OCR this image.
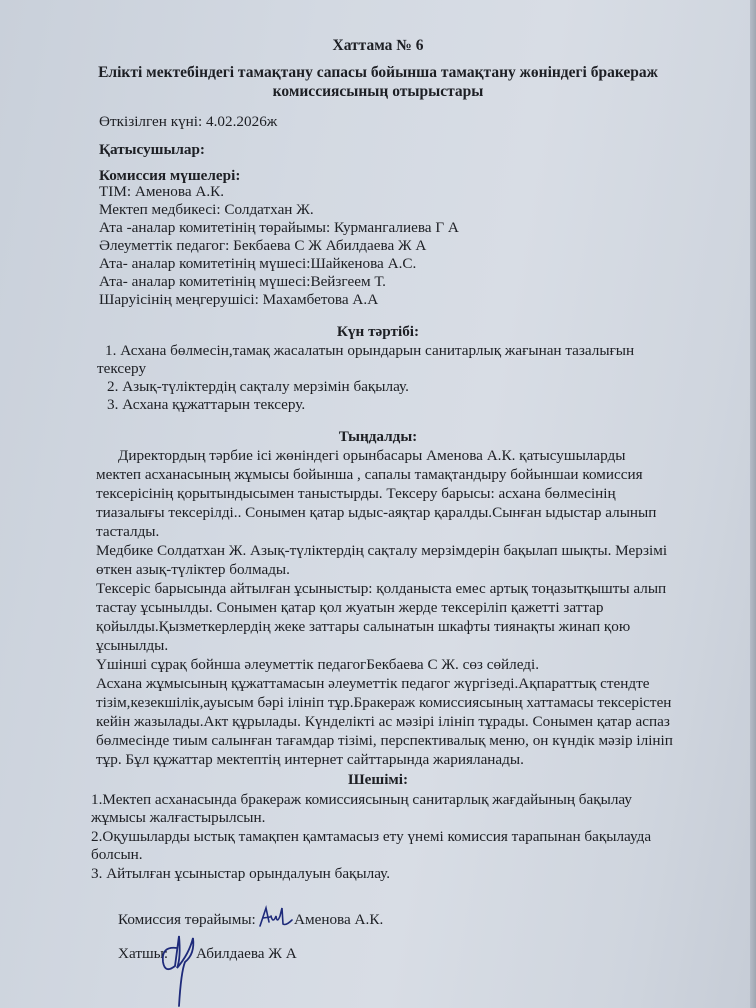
Хаттама № 6
Елікті мектебіндегі тамақтану сапасы бойынша тамақтану жөніндегі бракераж
комиссиясының отырыстары
Өткізілген күні: 4.02.2026ж
Қатысушылар:
Комиссия мүшелері:
ТІМ: Аменова А.К.
Мектеп медбикесі: Солдатхан Ж.
Ата -аналар комитетінің төрайымы: Курмангалиева Г А
Әлеуметтік педагог: Бекбаева С Ж Абилдаева Ж А
Ата- аналар комитетінің мүшесі:Шайкенова А.С.
Ата- аналар комитетінің мүшесі:Вейзгеем Т.
Шаруісінің меңгерушісі: Махамбетова А.А
Күн тәртібі:
1. Асхана бөлмесін,тамақ жасалатын орындарын санитарлық жағынан тазалығын
тексеру
2. Азық-түліктердің сақталу мерзімін бақылау.
3. Асхана құжаттарын тексеру.
Тыңдалды:
Директордың тәрбие ісі жөніндегі орынбасары Аменова А.К. қатысушыларды
мектеп асханасының жұмысы бойынша , сапалы тамақтандыру бойыншаи комиссия
тексерісінің қорытындысымен таныстырды. Тексеру барысы: асхана бөлмесінің
тиазалығы тексерілді.. Сонымен қатар ыдыс-аяқтар қаралды.Сынған ыдыстар алынып
тасталды.
Медбике Солдатхан Ж. Азық-түліктердің сақталу мерзімдерін бақылап шықты. Мерзімі
өткен азық-түліктер болмады.
Тексеріс барысында айтылған ұсыныстыр: қолданыста емес артық тоңазытқышты алып
тастау ұсынылды. Сонымен қатар қол жуатын жерде тексеріліп қажетті заттар
қойылды.Қызметкерлердің жеке заттары салынатын шкафты тиянақты жинап қою
ұсынылды.
Үшінші сұрақ бойнша әлеуметтік педагогБекбаева С Ж. сөз сөйледі.
Асхана жұмысының құжаттамасын әлеуметтік педагог жүргізеді.Ақпараттық стендте
тізім,кезекшілік,ауысым бәрі ілініп тұр.Бракераж комиссиясының хаттамасы тексерістен
кейін жазылады.Акт құрылады. Күнделікті ас мәзірі ілініп тұрады. Сонымен қатар аспаз
бөлмесінде тиым салынған тағамдар тізімі, перспективалық меню, он күндік мәзір ілініп
тұр. Бұл құжаттар мектептің интернет сайттарында жарияланады.
Шешімі:
1.Мектеп асханасында бракераж комиссиясының санитарлық жағдайының бақылау
жұмысы жалғастырылсын.
2.Оқушыларды ыстық тамақпен қамтамасыз ету үнемі комиссия тарапынан бақылауда
болсын.
3. Айтылған ұсыныстар орындалуын бақылау.
Комиссия төрайымы:	Аменова А.К.
Хатшы: Абилдаева Ж А
